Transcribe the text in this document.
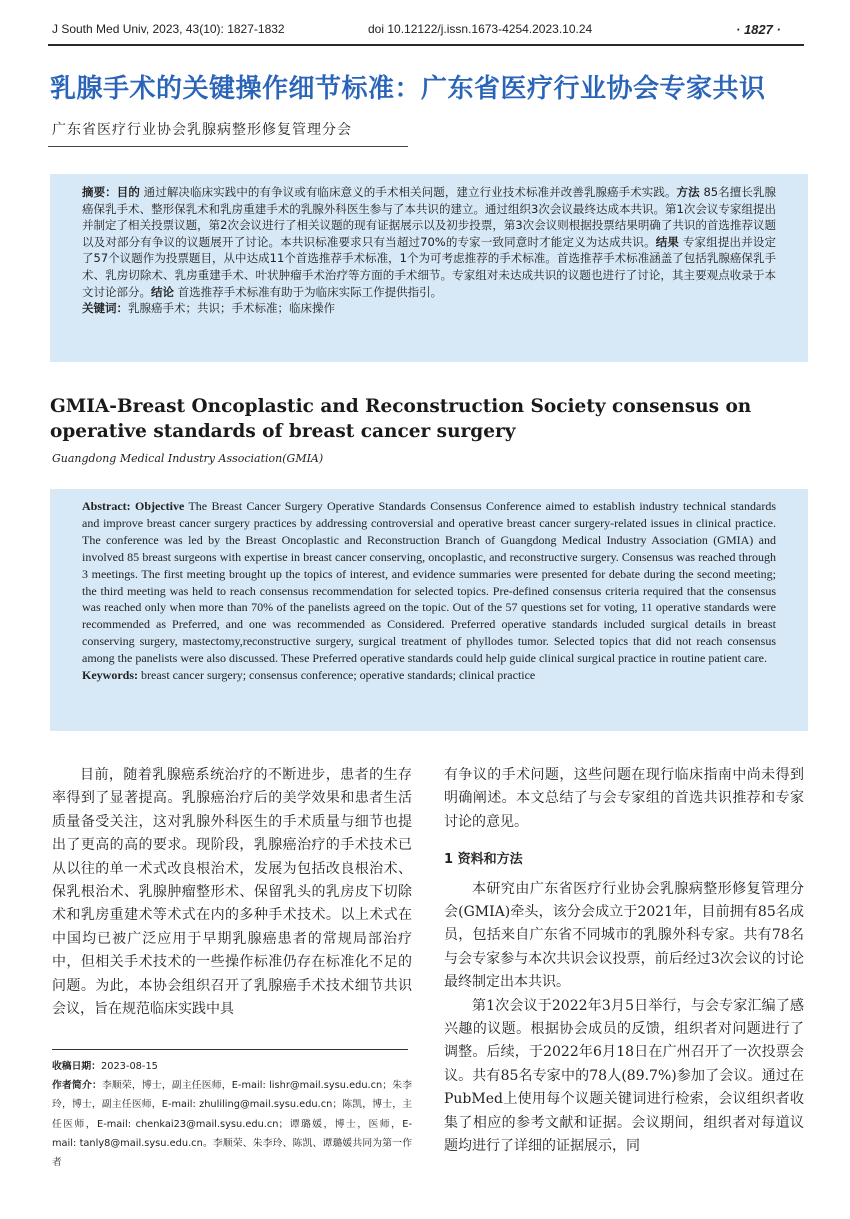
J South Med Univ, 2023, 43(10): 1827-1832	doi 10.12122/j.issn.1673-4254.2023.10.24	· 1827 ·
乳腺手术的关键操作细节标准：广东省医疗行业协会专家共识
广东省医疗行业协会乳腺病整形修复管理分会
摘要：目的 通过解决临床实践中的有争议或有临床意义的手术相关问题，建立行业技术标准并改善乳腺癌手术实践。方法 85名擅长乳腺癌保乳手术、整形保乳术和乳房重建手术的乳腺外科医生参与了本共识的建立。通过组织3次会议最终达成本共识。第1次会议专家组提出并制定了相关投票议题，第2次会议进行了相关议题的现有证据展示以及初步投票，第3次会议则根据投票结果明确了共识的首选推荐议题以及对部分有争议的议题展开了讨论。本共识标准要求只有当超过70%的专家一致同意时才能定义为达成共识。结果 专家组提出并设定了57个议题作为投票题目，从中达成11个首选推荐手术标准，1个为可考虑推荐的手术标准。首选推荐手术标准涵盖了包括乳腺癌保乳手术、乳房切除术、乳房重建手术、叶状肿瘤手术治疗等方面的手术细节。专家组对未达成共识的议题也进行了讨论，其主要观点收录于本文讨论部分。结论 首选推荐手术标准有助于为临床实际工作提供指引。
关键词：乳腺癌手术；共识；手术标准；临床操作
GMIA-Breast Oncoplastic and Reconstruction Society consensus on operative standards of breast cancer surgery
Guangdong Medical Industry Association(GMIA)
Abstract: Objective The Breast Cancer Surgery Operative Standards Consensus Conference aimed to establish industry technical standards and improve breast cancer surgery practices by addressing controversial and operative breast cancer surgery-related issues in clinical practice. The conference was led by the Breast Oncoplastic and Reconstruction Branch of Guangdong Medical Industry Association (GMIA) and involved 85 breast surgeons with expertise in breast cancer conserving, oncoplastic, and reconstructive surgery. Consensus was reached through 3 meetings. The first meeting brought up the topics of interest, and evidence summaries were presented for debate during the second meeting; the third meeting was held to reach consensus recommendation for selected topics. Pre-defined consensus criteria required that the consensus was reached only when more than 70% of the panelists agreed on the topic. Out of the 57 questions set for voting, 11 operative standards were recommended as Preferred, and one was recommended as Considered. Preferred operative standards included surgical details in breast conserving surgery, mastectomy,reconstructive surgery, surgical treatment of phyllodes tumor. Selected topics that did not reach consensus among the panelists were also discussed. These Preferred operative standards could help guide clinical surgical practice in routine patient care.
Keywords: breast cancer surgery; consensus conference; operative standards; clinical practice

目前，随着乳腺癌系统治疗的不断进步，患者的生存率得到了显著提高。乳腺癌治疗后的美学效果和患者生活质量备受关注，这对乳腺外科医生的手术质量与细节也提出了更高的高的要求。现阶段，乳腺癌治疗的手术技术已从以往的单一术式改良根治术，发展为包括改良根治术、保乳根治术、乳腺肿瘤整形术、保留乳头的乳房皮下切除术和乳房重建术等术式在内的多种手术技术。以上术式在中国均已被广泛应用于早期乳腺癌患者的常规局部治疗中，但相关手术技术的一些操作标准仍存在标准化不足的问题。为此，本协会组织召开了乳腺癌手术技术细节共识会议，旨在规范临床实践中具

收稿日期：2023-08-15
作者简介：李顺荣，博士，副主任医师，E-mail: lishr@mail.sysu.edu.cn；朱李玲，博士，副主任医师，E-mail: zhuliling@mail.sysu.edu.cn；陈凯，博士，主任医师，E-mail: chenkai23@mail.sysu.edu.cn；谭璐媛，博士，医师，E-mail: tanly8@mail.sysu.edu.cn。李顺荣、朱李玲、陈凯、谭璐媛共同为第一作者

有争议的手术问题，这些问题在现行临床指南中尚未得到明确阐述。本文总结了与会专家组的首选共识推荐和专家讨论的意见。

1 资料和方法

本研究由广东省医疗行业协会乳腺病整形修复管理分会(GMIA)牵头，该分会成立于2021年，目前拥有85名成员，包括来自广东省不同城市的乳腺外科专家。共有78名与会专家参与本次共识会议投票，前后经过3次会议的讨论最终制定出本共识。

第1次会议于2022年3月5日举行，与会专家汇编了感兴趣的议题。根据协会成员的反馈，组织者对问题进行了调整。后续，于2022年6月18日在广州召开了一次投票会议。共有85名专家中的78人(89.7%)参加了会议。通过在PubMed上使用每个议题关键词进行检索，会议组织者收集了相应的参考文献和证据。会议期间，组织者对每道议题均进行了详细的证据展示，同
